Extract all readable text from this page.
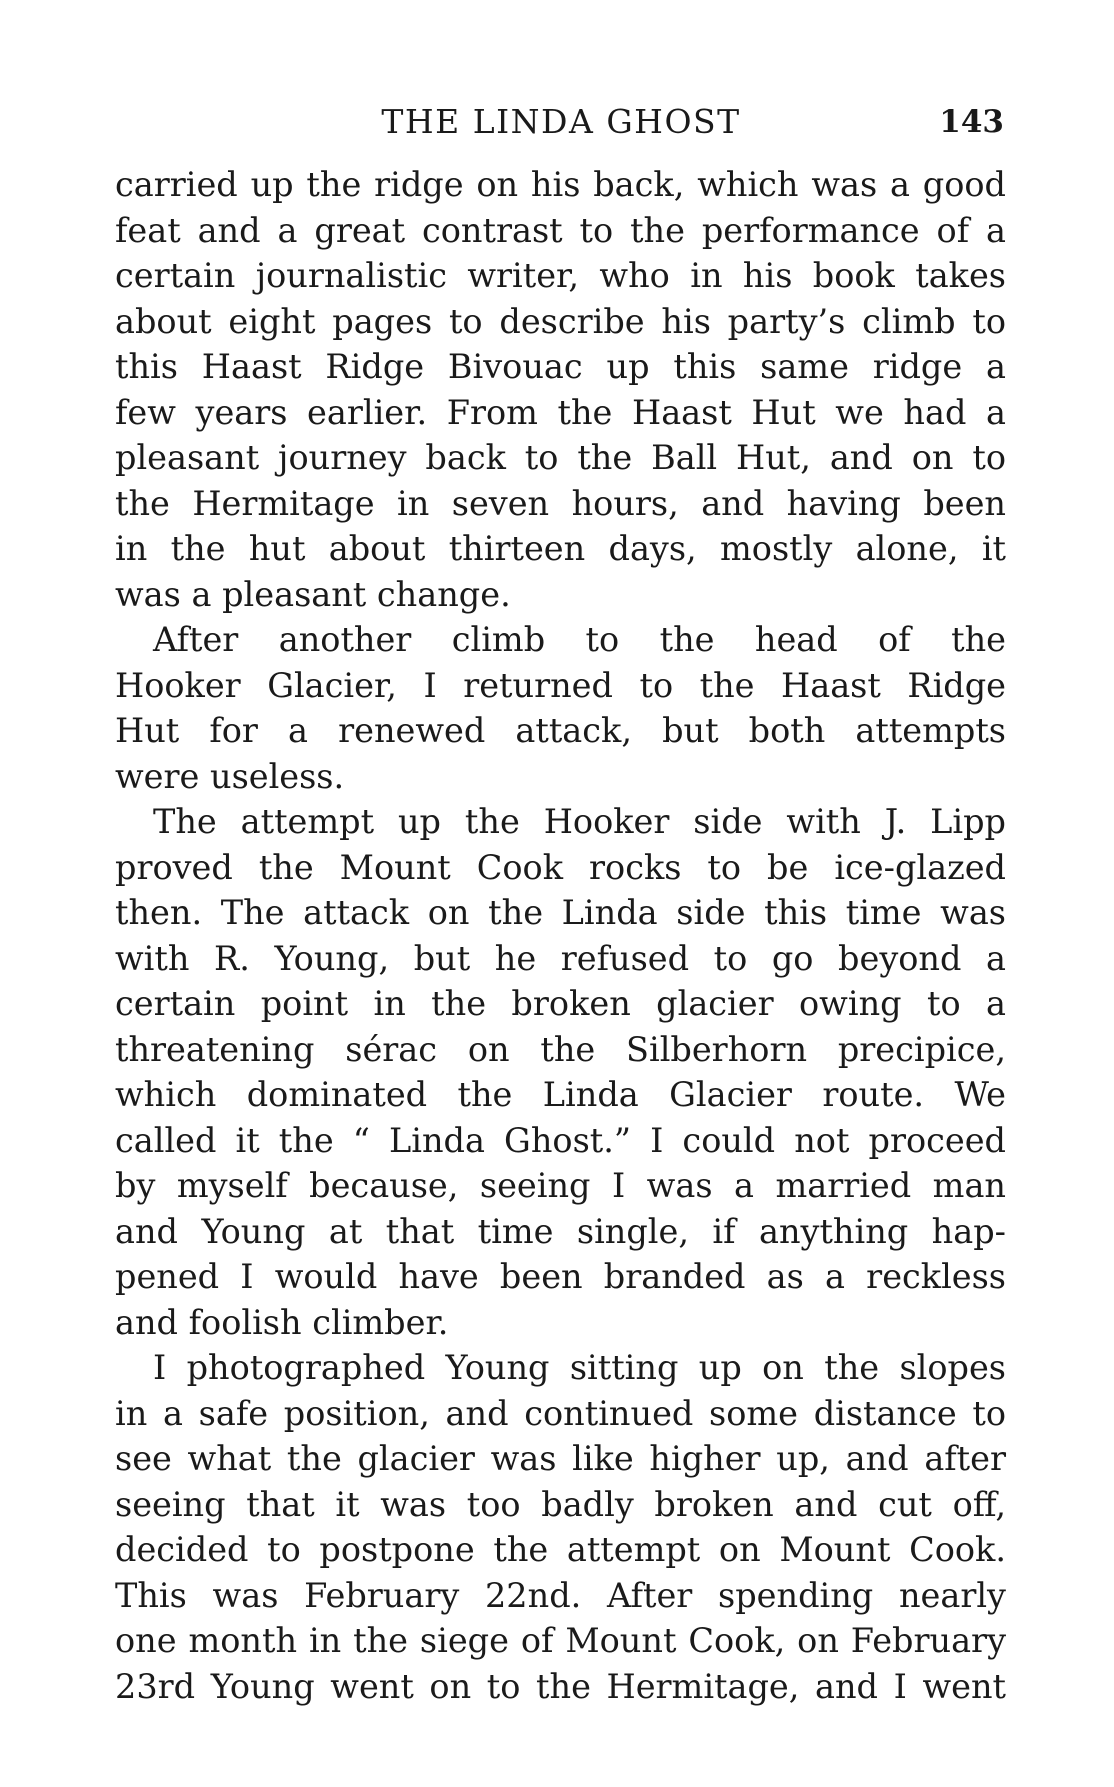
THE LINDA GHOST	143
carried up the ridge on his back, which was a good
feat and a great contrast to the performance of a
certain journalistic writer, who in his book takes
about eight pages to describe his party’s climb to
this Haast Ridge Bivouac up this same ridge a
few years earlier. From the Haast Hut we had a
pleasant journey back to the Ball Hut, and on to
the Hermitage in seven hours, and having been
in the hut about thirteen days, mostly alone, it
was a pleasant change.
After another climb to the head of the
Hooker Glacier, I returned to the Haast Ridge
Hut for a renewed attack, but both attempts
were useless.
The attempt up the Hooker side with J. Lipp
proved the Mount Cook rocks to be ice-glazed
then. The attack on the Linda side this time was
with R. Young, but he refused to go beyond a
certain point in the broken glacier owing to a
threatening sérac on the Silberhorn precipice,
which dominated the Linda Glacier route. We
called it the “ Linda Ghost.” I could not proceed
by myself because, seeing I was a married man
and Young at that time single, if anything hap-
pened I would have been branded as a reckless
and foolish climber.
I photographed Young sitting up on the slopes
in a safe position, and continued some distance to
see what the glacier was like higher up, and after
seeing that it was too badly broken and cut off,
decided to postpone the attempt on Mount Cook.
This was February 22nd. After spending nearly
one month in the siege of Mount Cook, on February
23rd Young went on to the Hermitage, and I went
